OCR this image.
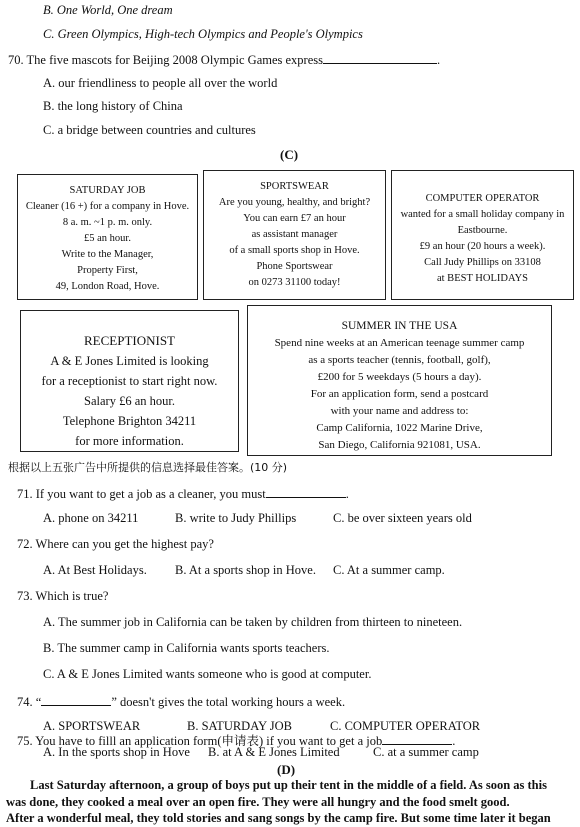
B. One World, One dream
C. Green Olympics, High-tech Olympics and People's Olympics
70. The five mascots for Beijing 2008 Olympic Games express	.
A. our friendliness to people all over the world
B. the long history of China
C. a bridge between countries and cultures
(C)
SATURDAY JOB
Cleaner (16 +) for a company in Hove.
8 a. m. ~1 p. m. only.
£5 an hour.
Write to the Manager,
Property First,
49, London Road, Hove.
SPORTSWEAR
Are you young, healthy, and bright?
You can earn £7 an hour
as assistant manager
of a small sports shop in Hove.
Phone Sportswear
on 0273 31100 today!
COMPUTER OPERATOR
wanted for a small holiday company in
Eastbourne.
£9 an hour (20 hours a week).
Call Judy Phillips on 33108
at BEST HOLIDAYS
RECEPTIONIST
A & E Jones Limited is looking
for a receptionist to start right now.
Salary £6 an hour.
Telephone Brighton 34211
for more information.
SUMMER IN THE USA
Spend nine weeks at an American teenage summer camp
as a sports teacher (tennis, football, golf),
£200 for 5 weekdays (5 hours a day).
For an application form, send a postcard
with your name and address to:
Camp California, 1022 Marine Drive,
San Diego, California 921081, USA.
根据以上五张广告中所提供的信息选择最佳答案。(10 分)
71. If you want to get a job as a cleaner, you must	.
A. phone on 34211	B. write to Judy Phillips	C. be over sixteen years old
72. Where can you get the highest pay?
A. At Best Holidays. B. At a sports shop in Hove. C. At a summer camp.
73. Which is true?
A. The summer job in California can be taken by children from thirteen to nineteen.
B. The summer camp in California wants sports teachers.
C. A & E Jones Limited wants someone who is good at computer.
74. “	” doesn't gives the total working hours a week.
A. SPORTSWEAR	B. SATURDAY JOB	C. COMPUTER OPERATOR
75. You have to filll an application form(申请表) if you want to get a job	.
A. In the sports shop in Hove B. at A & E Jones Limited	C. at a summer camp
(D)
Last Saturday afternoon, a group of boys put up their tent in the middle of a field. As soon as this
was done, they cooked a meal over an open fire. They were all hungry and the food smelt good.
After a wonderful meal, they told stories and sang songs by the camp fire. But some time later it began
